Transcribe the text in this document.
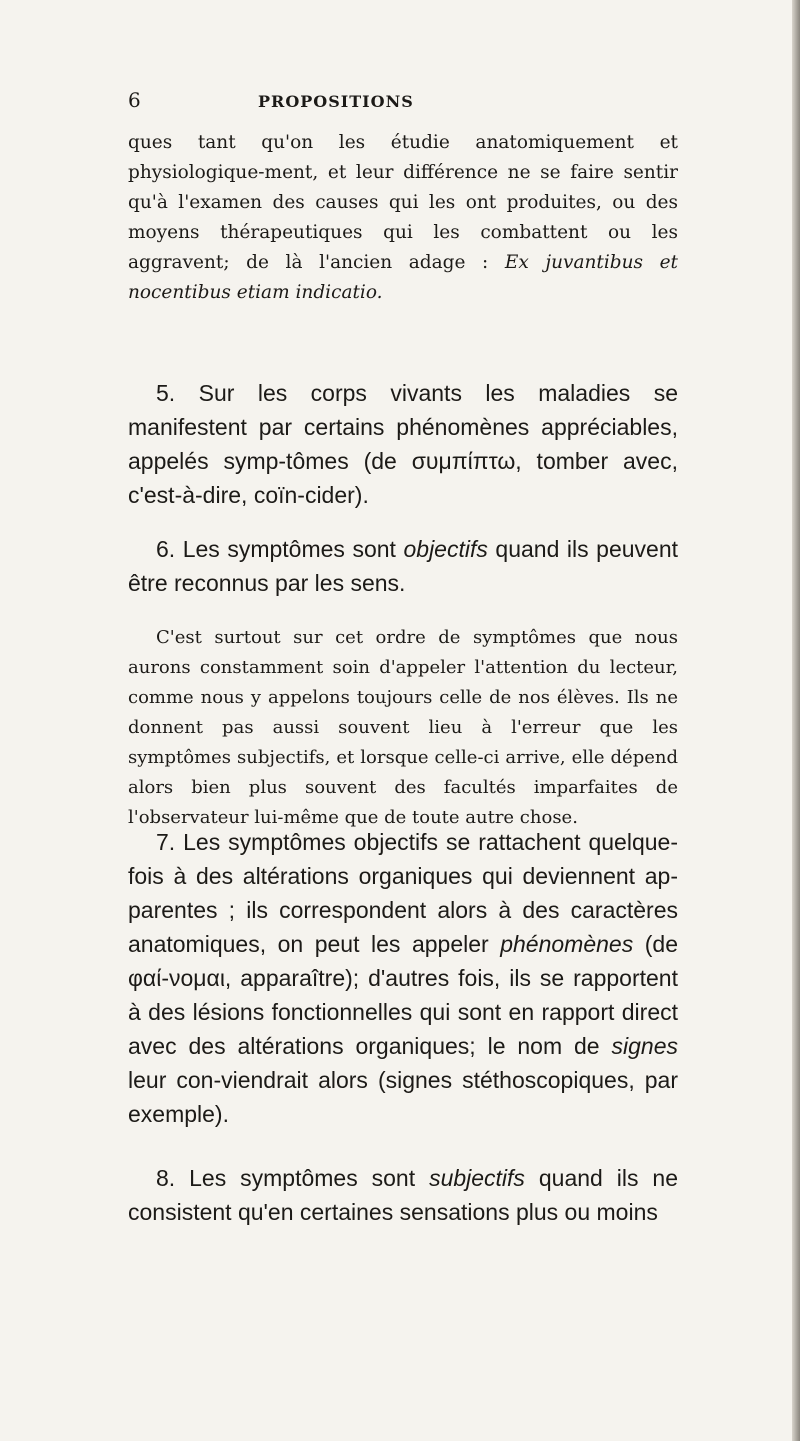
6	PROPOSITIONS

ques tant qu'on les étudie anatomiquement et physiologique-ment, et leur différence ne se faire sentir qu'à l'examen des causes qui les ont produites, ou des moyens thérapeutiques qui les combattent ou les aggravent; de là l'ancien adage : Ex juvantibus et nocentibus etiam indicatio.

5. Sur les corps vivants les maladies se manifestent par certains phénomènes appréciables, appelés symp-tômes (de συμπίπτω, tomber avec, c'est-à-dire, coïn-cider).

6. Les symptômes sont objectifs quand ils peuvent être reconnus par les sens.

C'est surtout sur cet ordre de symptômes que nous aurons constamment soin d'appeler l'attention du lecteur, comme nous y appelons toujours celle de nos élèves. Ils ne donnent pas aussi souvent lieu à l'erreur que les symptômes subjectifs, et lorsque celle-ci arrive, elle dépend alors bien plus souvent des facultés imparfaites de l'observateur lui-même que de toute autre chose.

7. Les symptômes objectifs se rattachent quelque-fois à des altérations organiques qui deviennent ap-parentes ; ils correspondent alors à des caractères anatomiques, on peut les appeler phénomènes (de φαί-νομαι, apparaître); d'autres fois, ils se rapportent à des lésions fonctionnelles qui sont en rapport direct avec des altérations organiques; le nom de signes leur con-viendrait alors (signes stéthoscopiques, par exemple).

8. Les symptômes sont subjectifs quand ils ne consistent qu'en certaines sensations plus ou moins
